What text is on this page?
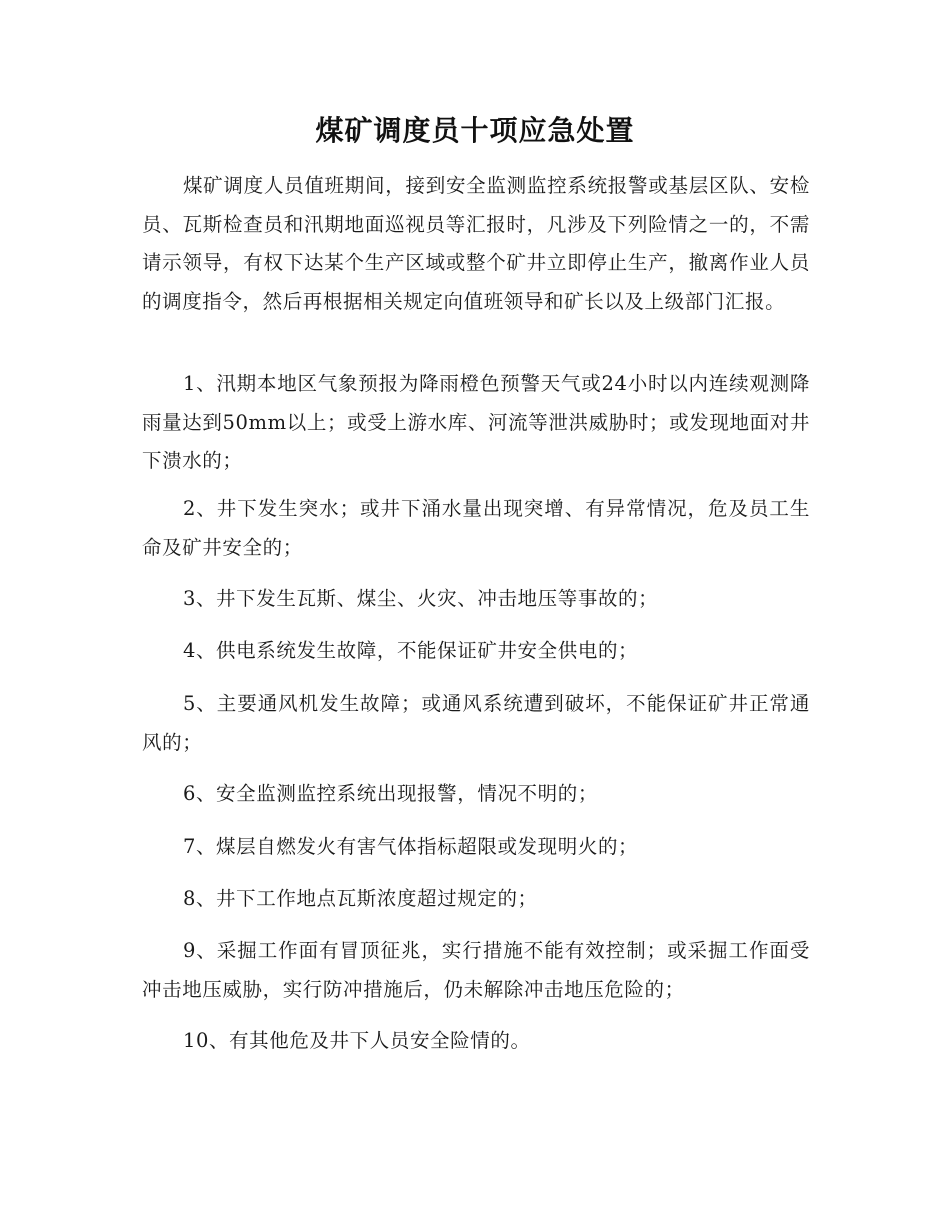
煤矿调度员十项应急处置

煤矿调度人员值班期间，接到安全监测监控系统报警或基层区队、安检员、瓦斯检查员和汛期地面巡视员等汇报时，凡涉及下列险情之一的，不需请示领导，有权下达某个生产区域或整个矿井立即停止生产，撤离作业人员的调度指令，然后再根据相关规定向值班领导和矿长以及上级部门汇报。

1、汛期本地区气象预报为降雨橙色预警天气或24小时以内连续观测降雨量达到50mm以上；或受上游水库、河流等泄洪威胁时；或发现地面对井下溃水的；

2、井下发生突水；或井下涌水量出现突增、有异常情况，危及员工生命及矿井安全的；

3、井下发生瓦斯、煤尘、火灾、冲击地压等事故的；

4、供电系统发生故障，不能保证矿井安全供电的；

5、主要通风机发生故障；或通风系统遭到破坏，不能保证矿井正常通风的；

6、安全监测监控系统出现报警，情况不明的；

7、煤层自燃发火有害气体指标超限或发现明火的；

8、井下工作地点瓦斯浓度超过规定的；

9、采掘工作面有冒顶征兆，实行措施不能有效控制；或采掘工作面受冲击地压威胁，实行防冲措施后，仍未解除冲击地压危险的；

10、有其他危及井下人员安全险情的。
